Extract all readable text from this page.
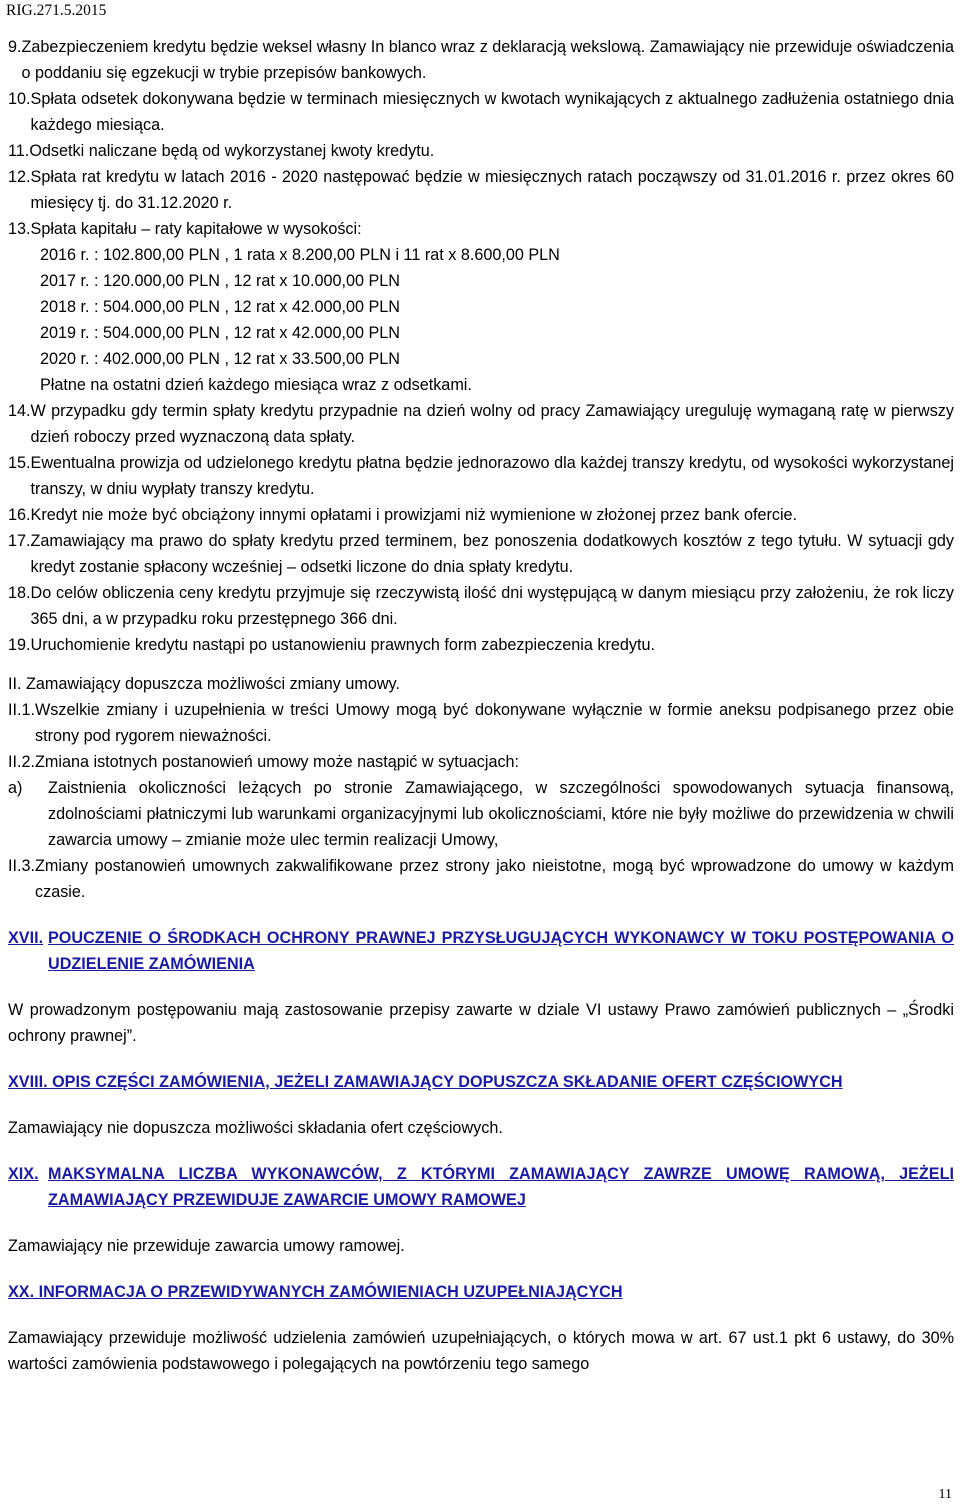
RIG.271.5.2015
9. Zabezpieczeniem kredytu będzie weksel własny In blanco wraz z deklaracją wekslową. Zamawiający nie przewiduje oświadczenia o poddaniu się egzekucji w trybie przepisów bankowych.
10. Spłata odsetek dokonywana będzie w terminach miesięcznych w kwotach wynikających z aktualnego zadłużenia ostatniego dnia każdego miesiąca.
11. Odsetki naliczane będą od wykorzystanej kwoty kredytu.
12. Spłata rat kredytu w latach 2016 - 2020 następować będzie w miesięcznych ratach począwszy od 31.01.2016 r. przez okres 60 miesięcy tj. do 31.12.2020 r.
13. Spłata kapitału – raty kapitałowe w wysokości:
2016 r. : 102.800,00 PLN , 1 rata x 8.200,00 PLN i 11 rat x 8.600,00 PLN
2017 r. : 120.000,00 PLN , 12 rat x 10.000,00 PLN
2018 r. : 504.000,00 PLN , 12 rat x 42.000,00 PLN
2019 r. : 504.000,00 PLN , 12 rat x 42.000,00 PLN
2020 r. : 402.000,00 PLN , 12 rat x 33.500,00 PLN
Płatne na ostatni dzień każdego miesiąca wraz z odsetkami.
14. W przypadku gdy termin spłaty kredytu przypadnie na dzień wolny od pracy Zamawiający ureguluję wymaganą ratę w pierwszy dzień roboczy przed wyznaczoną data spłaty.
15. Ewentualna prowizja od udzielonego kredytu płatna będzie jednorazowo dla każdej transzy kredytu, od wysokości wykorzystanej transzy, w dniu wypłaty transzy kredytu.
16. Kredyt nie może być obciążony innymi opłatami i prowizjami niż wymienione w złożonej przez bank ofercie.
17. Zamawiający ma prawo do spłaty kredytu przed terminem, bez ponoszenia dodatkowych kosztów z tego tytułu. W sytuacji gdy kredyt zostanie spłacony wcześniej – odsetki liczone do dnia spłaty kredytu.
18. Do celów obliczenia ceny kredytu przyjmuje się rzeczywistą ilość dni występującą w danym miesiącu przy założeniu, że rok liczy 365 dni, a w przypadku roku przestępnego 366 dni.
19. Uruchomienie kredytu nastąpi po ustanowieniu prawnych form zabezpieczenia kredytu.
II. Zamawiający dopuszcza możliwości zmiany umowy.
II.1. Wszelkie zmiany i uzupełnienia w treści Umowy mogą być dokonywane wyłącznie w formie aneksu podpisanego przez obie strony pod rygorem nieważności.
II.2. Zmiana istotnych postanowień umowy może nastąpić w sytuacjach:
a)	Zaistnienia okoliczności leżących po stronie Zamawiającego, w szczególności spowodowanych sytuacja finansową, zdolnościami płatniczymi lub warunkami organizacyjnymi lub okolicznościami, które nie były możliwe do przewidzenia w chwili zawarcia umowy – zmianie może ulec termin realizacji Umowy,
II.3. Zmiany postanowień umownych zakwalifikowane przez strony jako nieistotne, mogą być wprowadzone do umowy w każdym czasie.
XVII. POUCZENIE O ŚRODKACH OCHRONY PRAWNEJ PRZYSŁUGUJĄCYCH WYKONAWCY W TOKU POSTĘPOWANIA O UDZIELENIE ZAMÓWIENIA
W prowadzonym postępowaniu mają zastosowanie przepisy zawarte w dziale VI ustawy Prawo zamówień publicznych – „Środki ochrony prawnej”.
XVIII. OPIS CZĘŚCI ZAMÓWIENIA, JEŻELI ZAMAWIAJĄCY DOPUSZCZA SKŁADANIE OFERT CZĘŚCIOWYCH
Zamawiający nie dopuszcza możliwości składania ofert częściowych.
XIX. MAKSYMALNA LICZBA WYKONAWCÓW, Z KTÓRYMI ZAMAWIAJĄCY ZAWRZE UMOWĘ RAMOWĄ, JEŻELI ZAMAWIAJĄCY PRZEWIDUJE ZAWARCIE UMOWY RAMOWEJ
Zamawiający nie przewiduje zawarcia umowy ramowej.
XX. INFORMACJA O PRZEWIDYWANYCH ZAMÓWIENIACH UZUPEŁNIAJĄCYCH
Zamawiający przewiduje możliwość udzielenia zamówień uzupełniających, o których mowa w art. 67 ust.1 pkt 6 ustawy, do 30% wartości zamówienia podstawowego i polegających na powtórzeniu tego samego
11
